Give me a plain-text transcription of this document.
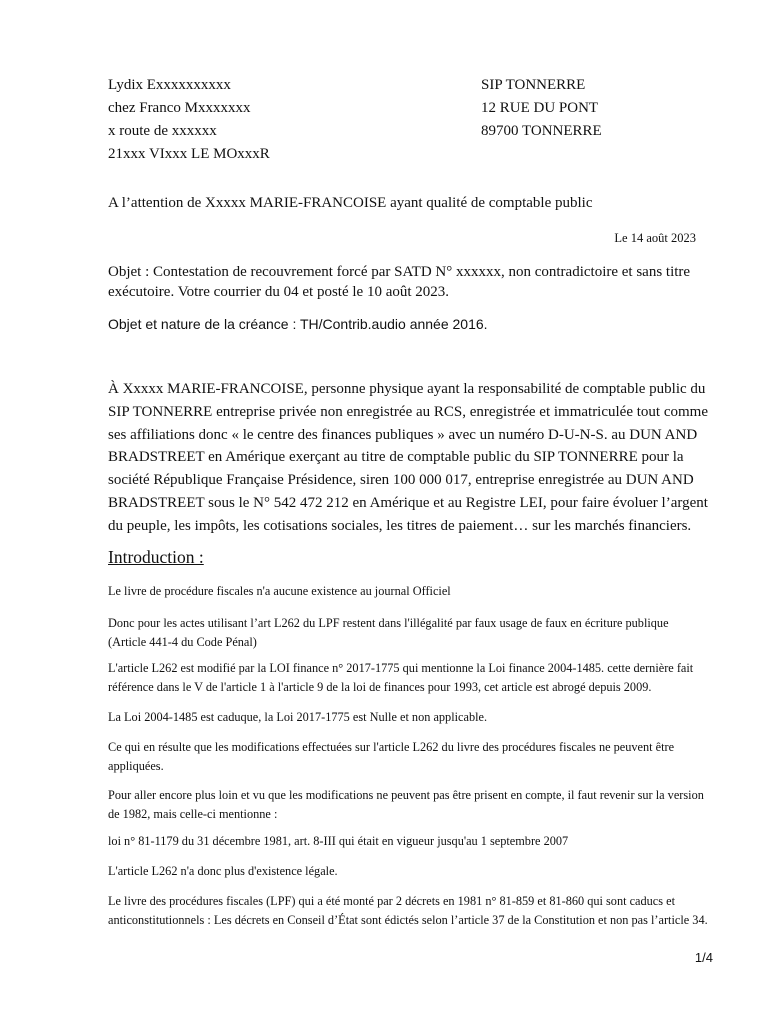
Lydix Exxxxxxxxxx
chez Franco Mxxxxxxx
x route de xxxxxx
21xxx VIxxx LE MOxxxR
SIP TONNERRE
12 RUE DU PONT
89700 TONNERRE
A l’attention de Xxxxx MARIE-FRANCOISE ayant qualité de comptable public
Le 14 août 2023
Objet : Contestation de recouvrement forcé par SATD N° xxxxxx, non contradictoire et sans titre exécutoire. Votre courrier du 04 et posté le 10 août 2023.
Objet et nature de la créance : TH/Contrib.audio année 2016.
À Xxxxx MARIE-FRANCOISE, personne physique ayant la responsabilité de comptable public du SIP TONNERRE entreprise privée non enregistrée au RCS, enregistrée et immatriculée tout comme ses affiliations donc « le centre des finances publiques » avec un numéro D-U-N-S. au DUN AND BRADSTREET en Amérique exerçant au titre de comptable public du SIP TONNERRE pour la société République Française Présidence, siren 100 000 017, entreprise enregistrée au DUN AND BRADSTREET sous le N° 542 472 212 en Amérique et au Registre LEI, pour faire évoluer l’argent du peuple, les impôts, les cotisations sociales, les titres de paiement… sur les marchés financiers.
Introduction :
Le livre de procédure fiscales n'a aucune existence au journal Officiel
Donc pour les actes utilisant l’art L262 du LPF restent dans l'illégalité par faux usage de faux en écriture publique (Article 441-4 du Code Pénal)
L'article L262 est modifié par la LOI finance n° 2017-1775 qui mentionne la Loi finance 2004-1485. cette dernière fait référence dans le V de l'article 1 à l'article 9 de la loi de finances pour 1993, cet article est abrogé depuis 2009.
La Loi 2004-1485 est caduque, la Loi 2017-1775 est Nulle et non applicable.
Ce qui en résulte que les modifications effectuées sur l'article L262 du livre des procédures fiscales ne peuvent être appliquées.
Pour aller encore plus loin et vu que les modifications ne peuvent pas être prisent en compte, il faut revenir sur la version de 1982, mais celle-ci mentionne :
loi n° 81-1179 du 31 décembre 1981, art. 8-III qui était en vigueur jusqu'au 1 septembre 2007
L'article L262 n'a donc plus d'existence légale.
Le livre des procédures fiscales (LPF) qui a été monté par 2 décrets en 1981 n° 81-859 et 81-860 qui sont caducs et anticonstitutionnels : Les décrets en Conseil d’État sont édictés selon l’article 37 de la Constitution et non pas l’article 34.
1/4
